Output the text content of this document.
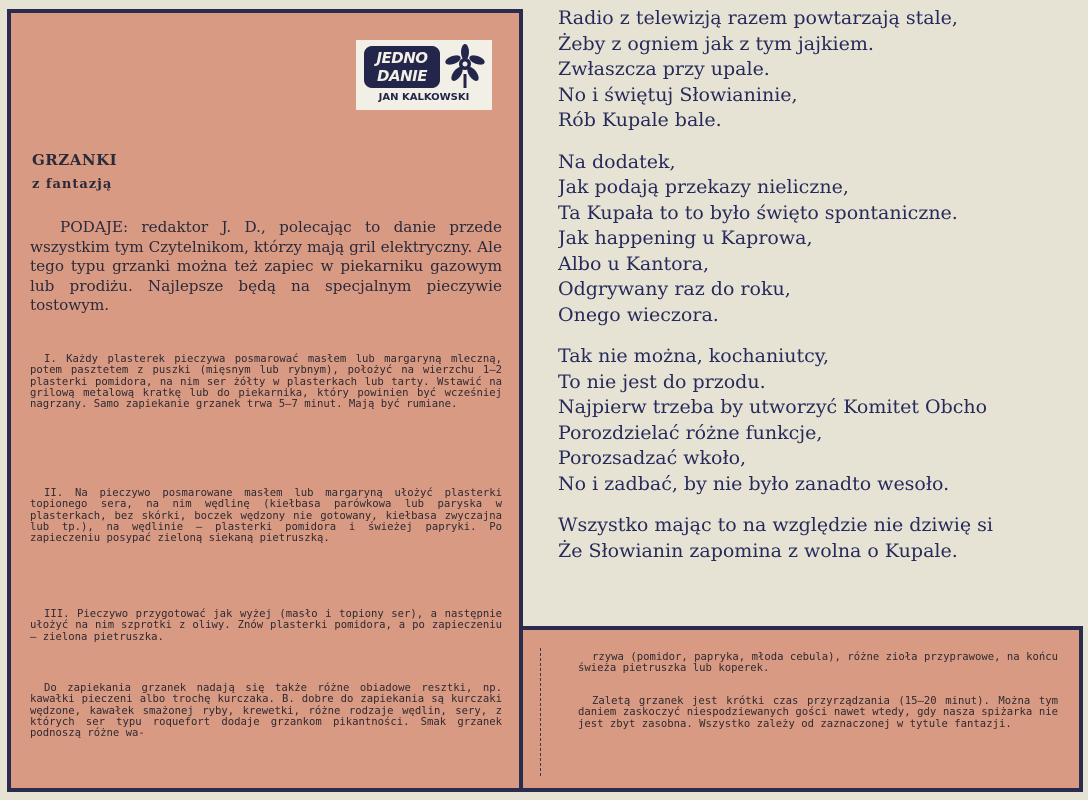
JEDNO
DANIE
JAN KALKOWSKI
GRZANKI
z fantazją

PODAJE: redaktor J. D., polecając to danie przede wszystkim tym Czytelnikom, którzy mają gril elektryczny. Ale tego typu grzanki można też zapiec w piekarniku gazowym lub prodiżu. Najlepsze będą na specjalnym pieczywie tostowym.

I. Każdy plasterek pieczywa posmarować masłem lub margaryną mleczną, potem pasztetem z puszki (mięsnym lub rybnym), położyć na wierzchu 1—2 plasterki pomidora, na nim ser żółty w plasterkach lub tarty. Wstawić na grilową metalową kratkę lub do piekarnika, który powinien być wcześniej nagrzany. Samo zapiekanie grzanek trwa 5—7 minut. Mają być rumiane.

II. Na pieczywo posmarowane masłem lub margaryną ułożyć plasterki topionego sera, na nim wędlinę (kiełbasa parówkowa lub paryska w plasterkach, bez skórki, boczek wędzony nie gotowany, kiełbasa zwyczajna lub tp.), na wędlinie — plasterki pomidora i świeżej papryki. Po zapieczeniu posypać zieloną siekaną pietruszką.

III. Pieczywo przygotować jak wyżej (masło i topiony ser), a następnie ułożyć na nim szprotki z oliwy. Znów plasterki pomidora, a po zapieczeniu — zielona pietruszka.

Do zapiekania grzanek nadają się także różne obiadowe resztki, np. kawałki pieczeni albo trochę kurczaka. B. dobre do zapiekania są kurczaki wędzone, kawałek smażonej ryby, krewetki, różne rodzaje wędlin, sery, z których ser typu roquefort dodaje grzankom pikantności. Smak grzanek podnoszą różne wa-

rzywa (pomidor, papryka, młoda cebula), różne zioła przyprawowe, na końcu świeża pietruszka lub koperek.

Zaletą grzanek jest krótki czas przyrządzania (15—20 minut). Można tym daniem zaskoczyć niespodziewanych gości nawet wtedy, gdy nasza spiżarka nie jest zbyt zasobna. Wszystko zależy od zaznaczonej w tytule fantazji.

Radio z telewizją razem powtarzają stale,
Żeby z ogniem jak z tym jajkiem.
Zwłaszcza przy upale.
No i świętuj Słowianinie,
Rób Kupale bale.
Na dodatek,
Jak podają przekazy nieliczne,
Ta Kupała to to było święto spontaniczne.
Jak happening u Kaprowa,
Albo u Kantora,
Odgrywany raz do roku,
Onego wieczora.
Tak nie można, kochaniutcy,
To nie jest do przodu.
Najpierw trzeba by utworzyć Komitet Obcho
Porozdzielać różne funkcje,
Porozsadzać wkoło,
No i zadbać, by nie było zanadto wesoło.
Wszystko mając to na względzie nie dziwię si
Że Słowianin zapomina z wolna o Kupale.
